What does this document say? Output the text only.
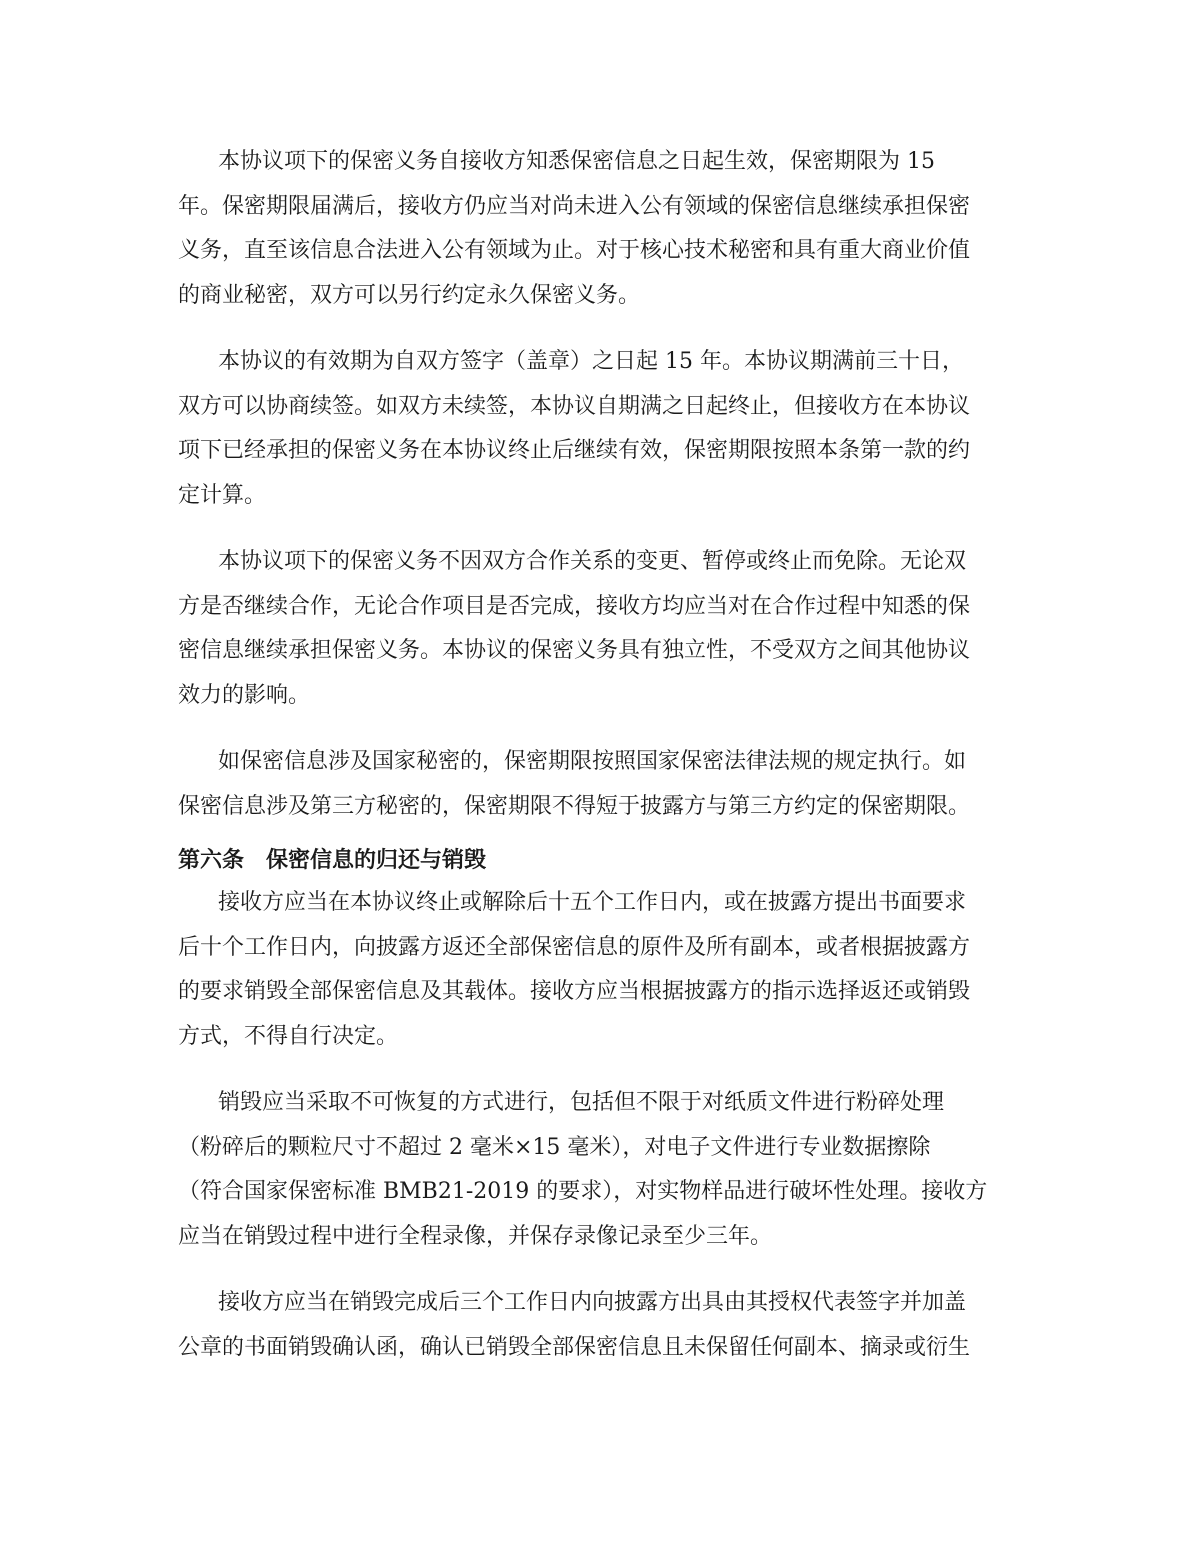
本协议项下的保密义务自接收方知悉保密信息之日起生效，保密期限为 15
年。保密期限届满后，接收方仍应当对尚未进入公有领域的保密信息继续承担保密
义务，直至该信息合法进入公有领域为止。对于核心技术秘密和具有重大商业价值
的商业秘密，双方可以另行约定永久保密义务。

本协议的有效期为自双方签字（盖章）之日起 15 年。本协议期满前三十日，
双方可以协商续签。如双方未续签，本协议自期满之日起终止，但接收方在本协议
项下已经承担的保密义务在本协议终止后继续有效，保密期限按照本条第一款的约
定计算。

本协议项下的保密义务不因双方合作关系的变更、暂停或终止而免除。无论双
方是否继续合作，无论合作项目是否完成，接收方均应当对在合作过程中知悉的保
密信息继续承担保密义务。本协议的保密义务具有独立性，不受双方之间其他协议
效力的影响。

如保密信息涉及国家秘密的，保密期限按照国家保密法律法规的规定执行。如
保密信息涉及第三方秘密的，保密期限不得短于披露方与第三方约定的保密期限。

第六条 保密信息的归还与销毁

接收方应当在本协议终止或解除后十五个工作日内，或在披露方提出书面要求
后十个工作日内，向披露方返还全部保密信息的原件及所有副本，或者根据披露方
的要求销毁全部保密信息及其载体。接收方应当根据披露方的指示选择返还或销毁
方式，不得自行决定。

销毁应当采取不可恢复的方式进行，包括但不限于对纸质文件进行粉碎处理
（粉碎后的颗粒尺寸不超过 2 毫米×15 毫米），对电子文件进行专业数据擦除
（符合国家保密标准 BMB21-2019 的要求），对实物样品进行破坏性处理。接收方
应当在销毁过程中进行全程录像，并保存录像记录至少三年。

接收方应当在销毁完成后三个工作日内向披露方出具由其授权代表签字并加盖
公章的书面销毁确认函，确认已销毁全部保密信息且未保留任何副本、摘录或衍生
